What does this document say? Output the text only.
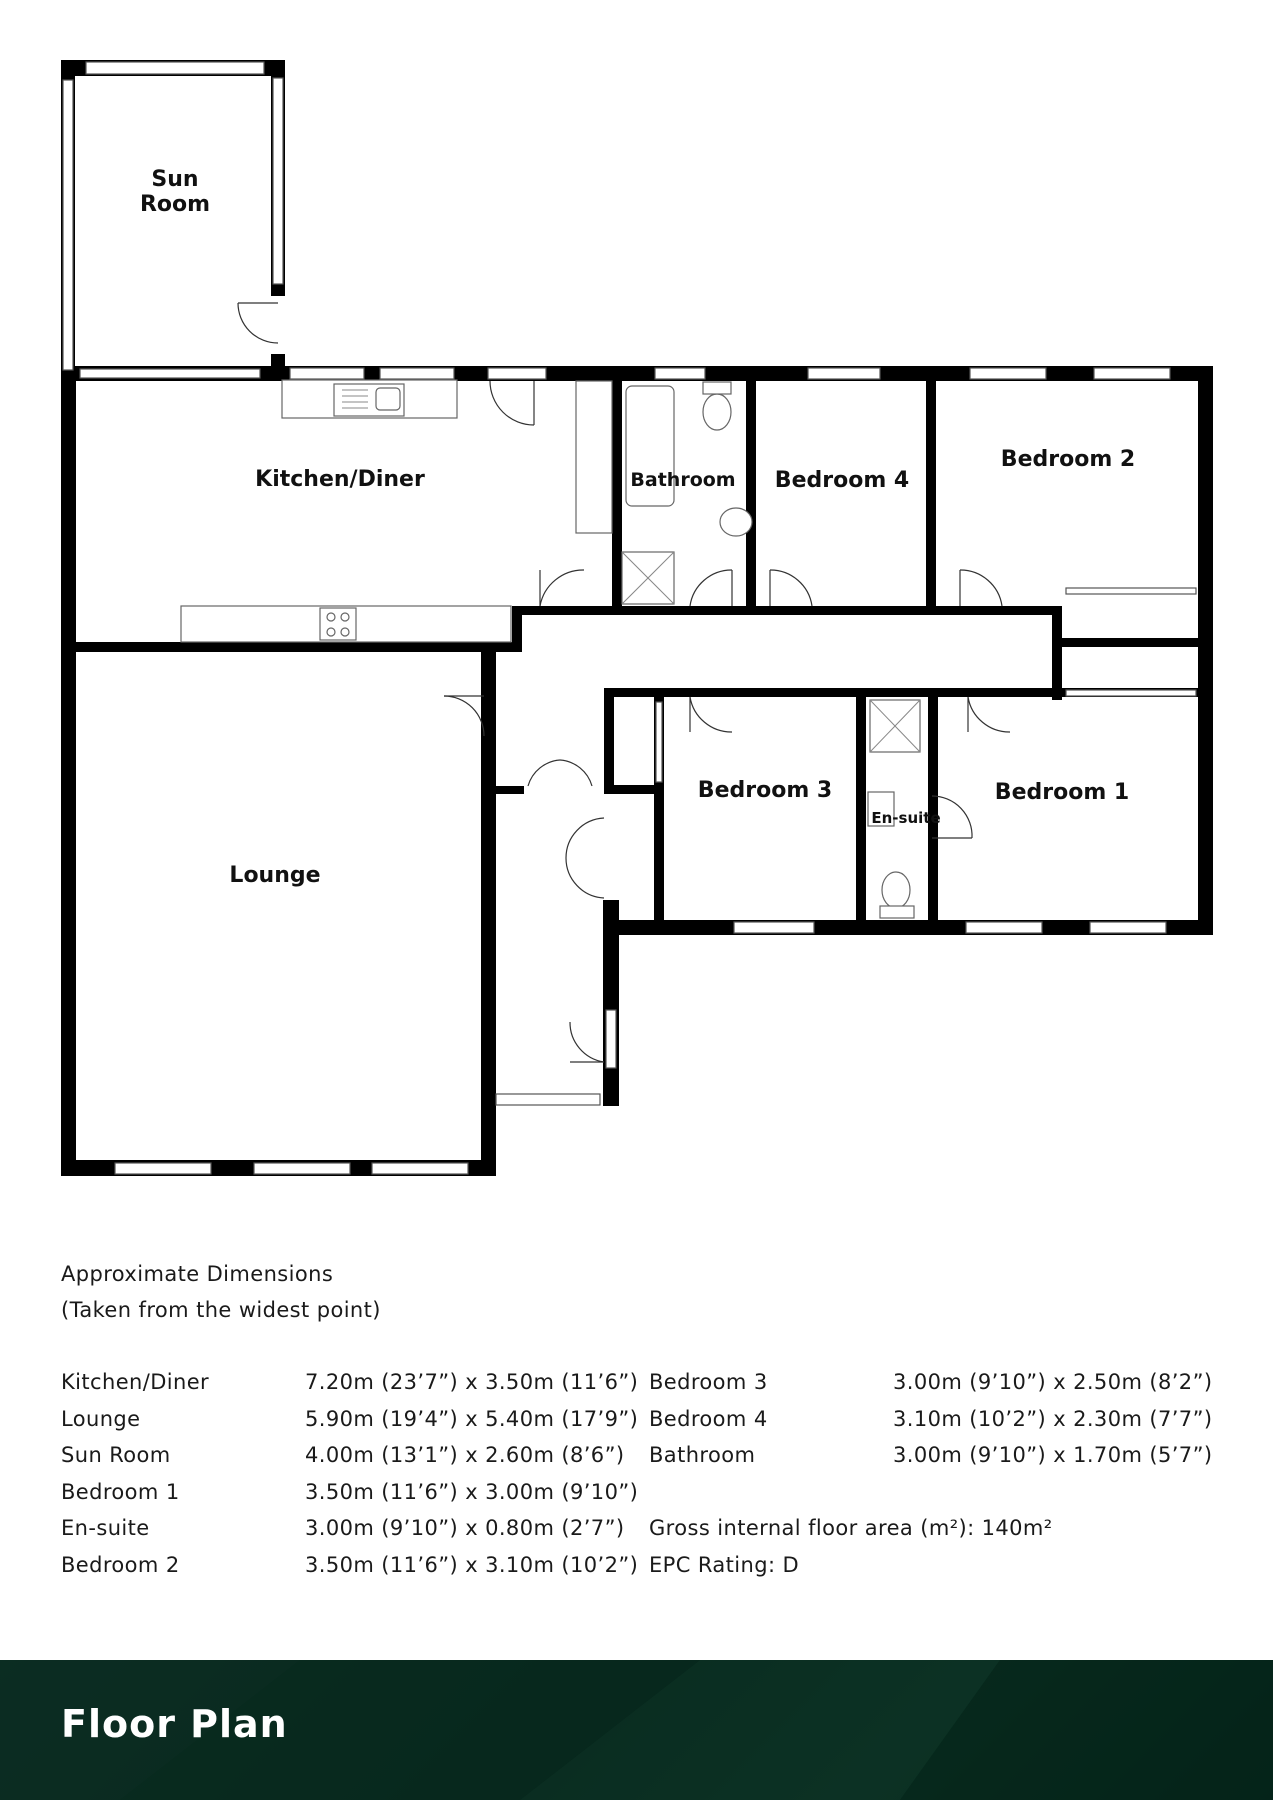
Sun
Room
Kitchen/Diner	Bathroom Bedroom 4
Bedroom 2
Bedroom 3
En-suite
Bedroom 1
Lounge
Approximate Dimensions
(Taken from the widest point)
Kitchen/Diner	7.20m (23’7”) x 3.50m (11’6”) Bedroom 3	3.00m (9’10”) x 2.50m (8’2”)
Lounge	5.90m (19’4”) x 5.40m (17’9”) Bedroom 4	3.10m (10’2”) x 2.30m (7’7”)
Sun Room	4.00m (13’1”) x 2.60m (8’6”)	Bathroom	3.00m (9’10”) x 1.70m (5’7”)
Bedroom 1	3.50m (11’6”) x 3.00m (9’10”)
En-suite	3.00m (9’10”) x 0.80m (2’7”)	Gross internal floor area (m²): 140m²
Bedroom 2	3.50m (11’6”) x 3.10m (10’2”) EPC Rating: D
Floor Plan
